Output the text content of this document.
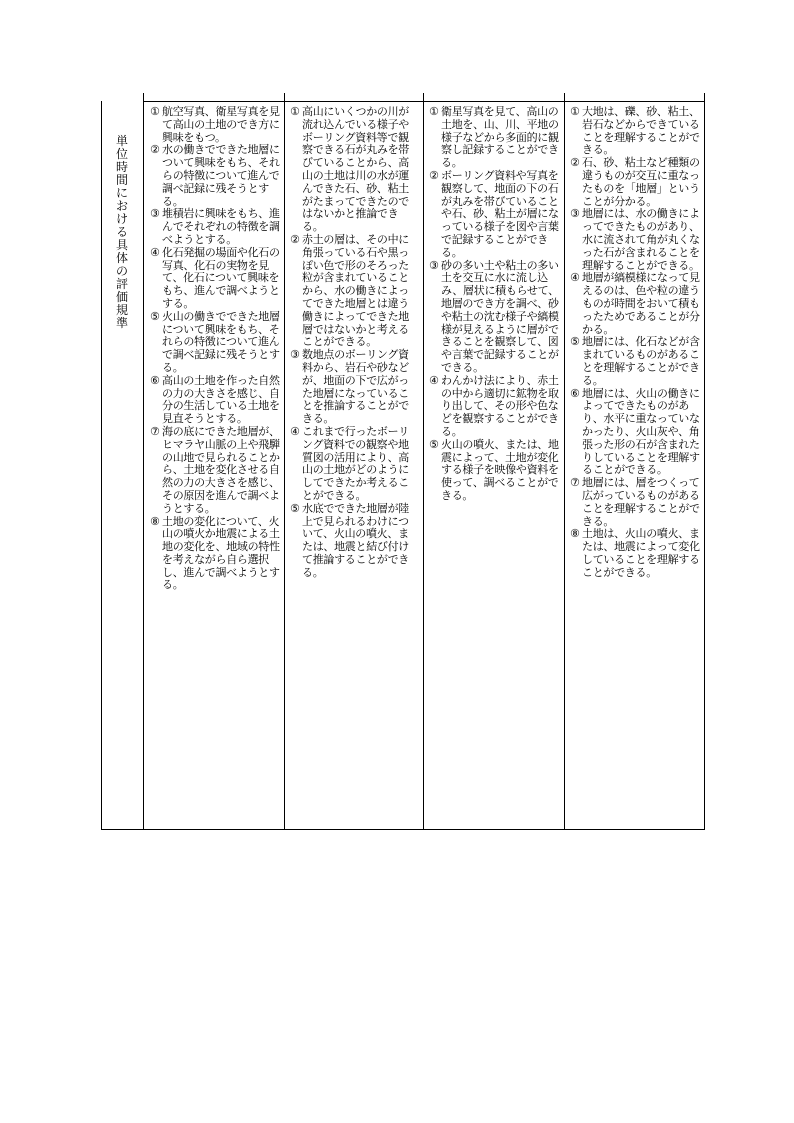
単
位
時
間
に
お
け
る
具
体
の
評
価
規
準
① 航空写真、衛星写真を見て高山の土地のでき方に興味をもつ。
② 水の働きでできた地層について興味をもち、それらの特徴について進んで調べ記録に残そうとする。
③ 堆積岩に興味をもち、進んでそれぞれの特徴を調べようとする。
④ 化石発掘の場面や化石の写真、化石の実物を見て、化石について興味をもち、進んで調べようとする。
⑤ 火山の働きでできた地層について興味をもち、それらの特徴について進んで調べ記録に残そうとする。
⑥ 高山の土地を作った自然の力の大きさを感じ、自分の生活している土地を見直そうとする。
⑦ 海の底にできた地層が、ヒマラヤ山脈の上や飛騨の山地で見られることから、土地を変化させる自然の力の大きさを感じ、その原因を進んで調べようとする。
⑧ 土地の変化について、火山の噴火か地震による土地の変化を、地域の特性を考えながら自ら選択し、進んで調べようとする。
① 高山にいくつかの川が流れ込んでいる様子やボーリング資料等で観察できる石が丸みを帯びていることから、高山の土地は川の水が運んできた石、砂、粘土がたまってできたのではないかと推論できる。
② 赤土の層は、その中に角張っている石や黒っぽい色で形のそろった粒が含まれていることから、水の働きによってできた地層とは違う働きによってできた地層ではないかと考えることができる。
③ 数地点のボーリング資料から、岩石や砂などが、地面の下で広がった地層になっていることを推論することができる。
④ これまで行ったボーリング資料での観察や地質図の活用により、高山の土地がどのようにしてできたか考えることができる。
⑤ 水底でできた地層が陸上で見られるわけについて、火山の噴火、または、地震と結び付けて推論することができる。
① 衛星写真を見て、高山の土地を、山、川、平地の様子などから多面的に観察し記録することができる。
② ボーリング資料や写真を観察して、地面の下の石が丸みを帯びていることや石、砂、粘土が層になっている様子を図や言葉で記録することができる。
③ 砂の多い土や粘土の多い土を交互に水に流し込み、層状に積もらせて、地層のでき方を調べ、砂や粘土の沈む様子や縞模様が見えるように層ができることを観察して、図や言葉で記録することができる。
④ わんかけ法により、赤土の中から適切に鉱物を取り出して、その形や色などを観察することができる。
⑤ 火山の噴火、または、地震によって、土地が変化する様子を映像や資料を使って、調べることができる。
① 大地は、礫、砂、粘土、岩石などからできていることを理解することができる。
② 石、砂、粘土など種類の違うものが交互に重なったものを「地層」ということが分かる。
③ 地層には、水の働きによってできたものがあり、水に流されて角が丸くなった石が含まれることを理解することができる。
④ 地層が縞模様になって見えるのは、色や粒の違うものが時間をおいて積もったためであることが分かる。
⑤ 地層には、化石などが含まれているものがあることを理解することができる。
⑥ 地層には、火山の働きによってできたものがあり、水平に重なっていなかったり、火山灰や、角張った形の石が含まれたりしていることを理解することができる。
⑦ 地層には、層をつくって広がっているものがあることを理解することができる。
⑧ 土地は、火山の噴火、または、地震によって変化していることを理解することができる。
